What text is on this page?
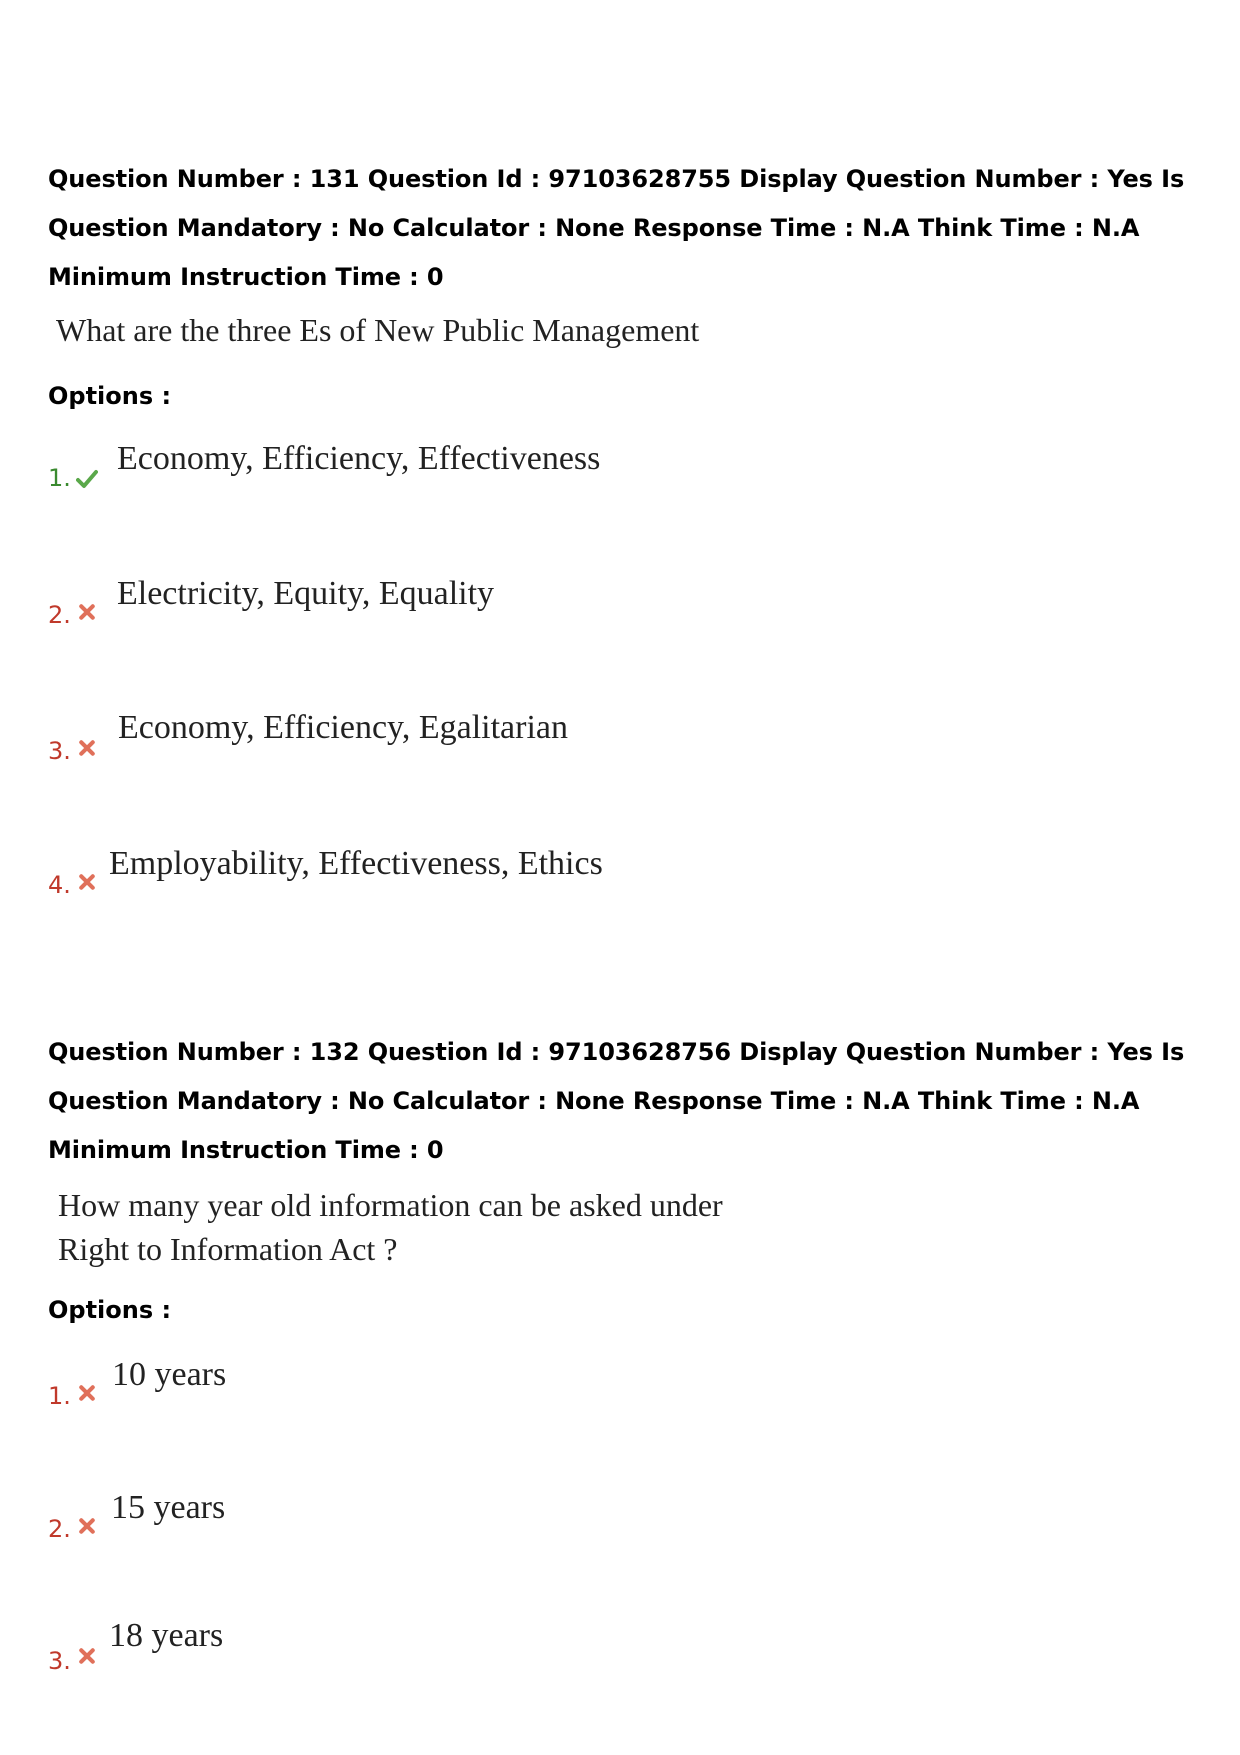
Question Number : 131 Question Id : 97103628755 Display Question Number : Yes Is Question Mandatory : No Calculator : None Response Time : N.A Think Time : N.A Minimum Instruction Time : 0

What are the three Es of New Public Management

Options :
1.
Economy, Efficiency, Effectiveness
2.
Electricity, Equity, Equality
3.
Economy, Efficiency, Egalitarian
4.
Employability, Effectiveness, Ethics

Question Number : 132 Question Id : 97103628756 Display Question Number : Yes Is Question Mandatory : No Calculator : None Response Time : N.A Think Time : N.A Minimum Instruction Time : 0

How many year old information can be asked under

Right to Information Act ?

Options :
1.
10 years
2.
15 years
3.
18 years
